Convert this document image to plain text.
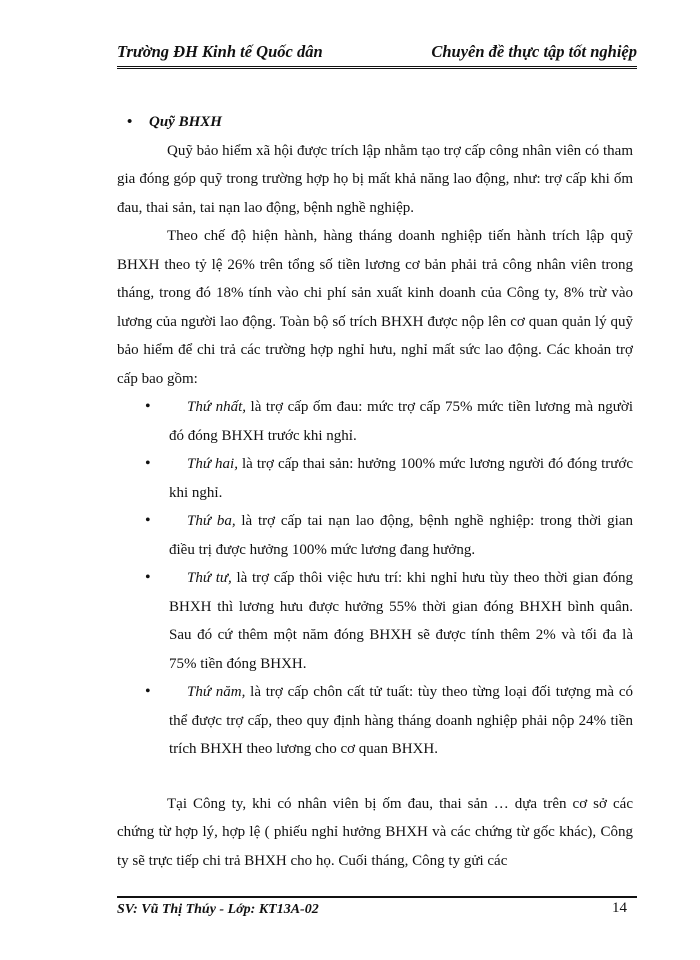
Trường ĐH Kinh tế Quốc dân	Chuyên đề thực tập tốt nghiệp

• Quỹ BHXH

Quỹ bảo hiểm xã hội được trích lập nhằm tạo trợ cấp công nhân viên có tham gia đóng góp quỹ trong trường hợp họ bị mất khả năng lao động, như: trợ cấp khi ốm đau, thai sản, tai nạn lao động, bệnh nghề nghiệp.

Theo chế độ hiện hành, hàng tháng doanh nghiệp tiến hành trích lập quỹ BHXH theo tỷ lệ 26% trên tổng số tiền lương cơ bản phải trả công nhân viên trong tháng, trong đó 18% tính vào chi phí sản xuất kinh doanh của Công ty, 8% trừ vào lương của người lao động. Toàn bộ số trích BHXH được nộp lên cơ quan quản lý quỹ bảo hiểm để chi trả các trường hợp nghỉ hưu, nghỉ mất sức lao động. Các khoản trợ cấp bao gồm:

• Thứ nhất, là trợ cấp ốm đau: mức trợ cấp 75% mức tiền lương mà người đó đóng BHXH trước khi nghỉ.
• Thứ hai, là trợ cấp thai sản: hưởng 100% mức lương người đó đóng trước khi nghỉ.
• Thứ ba, là trợ cấp tai nạn lao động, bệnh nghề nghiệp: trong thời gian điều trị được hưởng 100% mức lương đang hưởng.
• Thứ tư, là trợ cấp thôi việc hưu trí: khi nghỉ hưu tùy theo thời gian đóng BHXH thì lương hưu được hưởng 55% thời gian đóng BHXH bình quân. Sau đó cứ thêm một năm đóng BHXH sẽ được tính thêm 2% và tối đa là 75% tiền đóng BHXH.
• Thứ năm, là trợ cấp chôn cất tử tuất: tùy theo từng loại đối tượng mà có thể được trợ cấp, theo quy định hàng tháng doanh nghiệp phải nộp 24% tiền trích BHXH theo lương cho cơ quan BHXH.

Tại Công ty, khi có nhân viên bị ốm đau, thai sản … dựa trên cơ sở các chứng từ hợp lý, hợp lệ ( phiếu nghỉ hưởng BHXH và các chứng từ gốc khác), Công ty sẽ trực tiếp chi trả BHXH cho họ. Cuối tháng, Công ty gửi các

SV: Vũ Thị Thúy - Lớp: KT13A-02	14
